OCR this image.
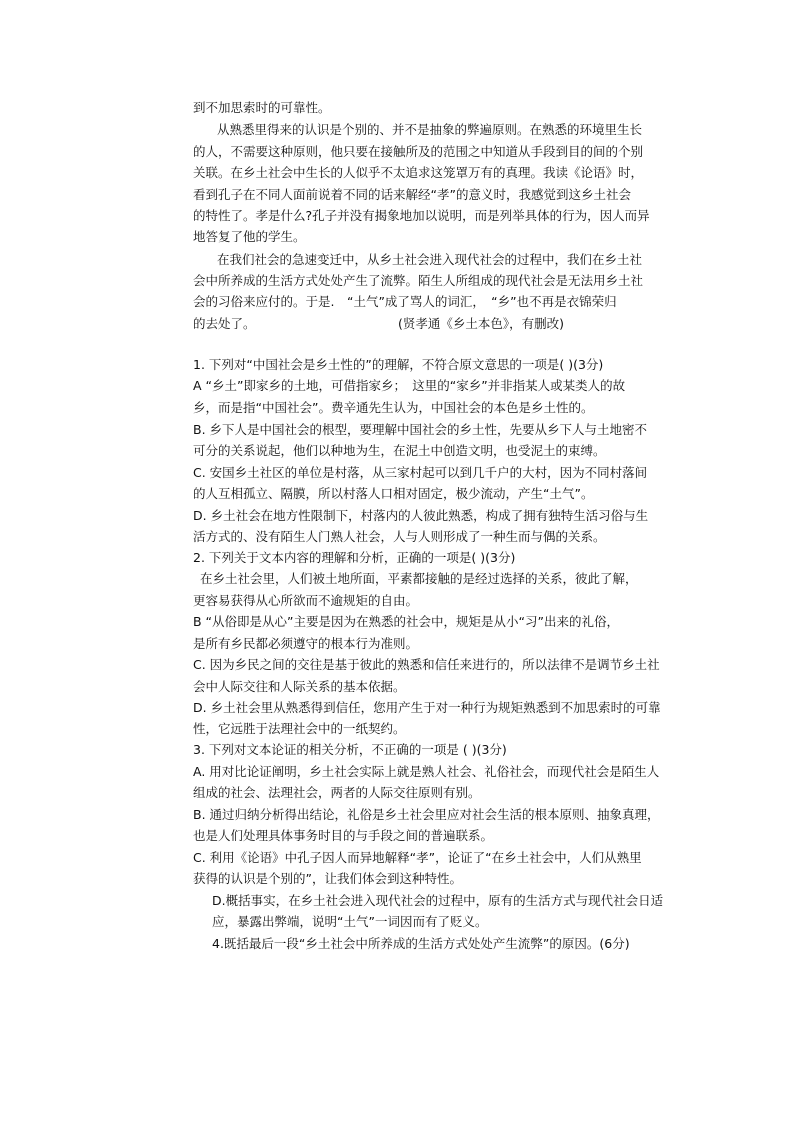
到不加思索时的可靠性。
从熟悉里得来的认识是个别的、并不是抽象的弊遍原则。在熟悉的环境里生长
的人，不需要这种原则，他只要在接触所及的范围之中知道从手段到目的间的个别
关联。在乡土社会中生长的人似乎不太追求这笼罩万有的真理。我读《论语》时，
看到孔子在不同人面前说着不同的话来解经“孝”的意义时，我感觉到这乡土社会
的特性了。孝是什么?孔子并没有揭象地加以说明，而是列举具体的行为，因人而异
地答复了他的学生。
在我们社会的急速变迁中，从乡土社会进入现代社会的过程中，我们在乡土社
会中所养成的生活方式处处产生了流弊。陌生人所组成的现代社会是无法用乡土社
会的习俗来应付的。于是.　“土气”成了骂人的词汇，　“乡”也不再是衣锦荣归
的去处了。	(贤孝通《乡土本色》，有删改)
1. 下列对“中国社会是乡土性的”的理解，不符合原文意思的一项是( )(3分)
A “乡土”即家乡的土地，可借指家乡；　这里的“家乡”并非指某人或某类人的故
乡，而是指“中国社会”。费辛通先生认为，中国社会的本色是乡土性的。
B. 乡下人是中国社会的根型，要理解中国社会的乡土性，先要从乡下人与土地密不
可分的关系说起，他们以种地为生，在泥土中创造文明，也受泥土的束缚。
C. 安国乡土社区的单位是村落，从三家村起可以到几千户的大村，因为不同村落间
的人互相孤立、隔膜，所以村落人口相对固定，极少流动，产生“土气”。
D. 乡土社会在地方性限制下，村落内的人彼此熟悉，构成了拥有独特生活习俗与生
活方式的、没有陌生人门熟人社会，人与人则形成了一种生而与偶的关系。
2. 下列关于文本内容的理解和分析，正确的一项是( )(3分)
在乡土社会里，人们被土地所面，平素都接触的是经过选择的关系，彼此了解，
更容易获得从心所欲而不逾规矩的自由。
B “从俗即是从心”主要是因为在熟悉的社会中，规矩是从小“习”出来的礼俗，
是所有乡民都必须遵守的根本行为准则。
C. 因为乡民之间的交往是基于彼此的熟悉和信任来进行的，所以法律不是调节乡土社
会中人际交往和人际关系的基本依据。
D. 乡土社会里从熟悉得到信任，您用产生于对一种行为规矩熟悉到不加思索时的可靠
性，它远胜于法理社会中的一纸契约。
3. 下列对文本论证的相关分析，不正确的一项是 ( )(3分)
A. 用对比论证阐明，乡土社会实际上就是熟人社会、礼俗社会，而现代社会是陌生人
组成的社会、法理社会，两者的人际交往原则有别。
B. 通过归纳分析得出结论，礼俗是乡土社会里应对社会生活的根本原则、抽象真理，
也是人们处理具体事务时目的与手段之间的普遍联系。
C. 利用《论语》中孔子因人而异地解释“孝”，论证了“在乡土社会中，人们从熟里
获得的认识是个别的”，让我们体会到这种特性。
D.概括事实，在乡土社会进入现代社会的过程中，原有的生活方式与现代社会日适
应，暴露出弊端，说明“土气”一词因而有了贬义。
4.既括最后一段“乡土社会中所养成的生活方式处处产生流弊”的原因。(6分)
